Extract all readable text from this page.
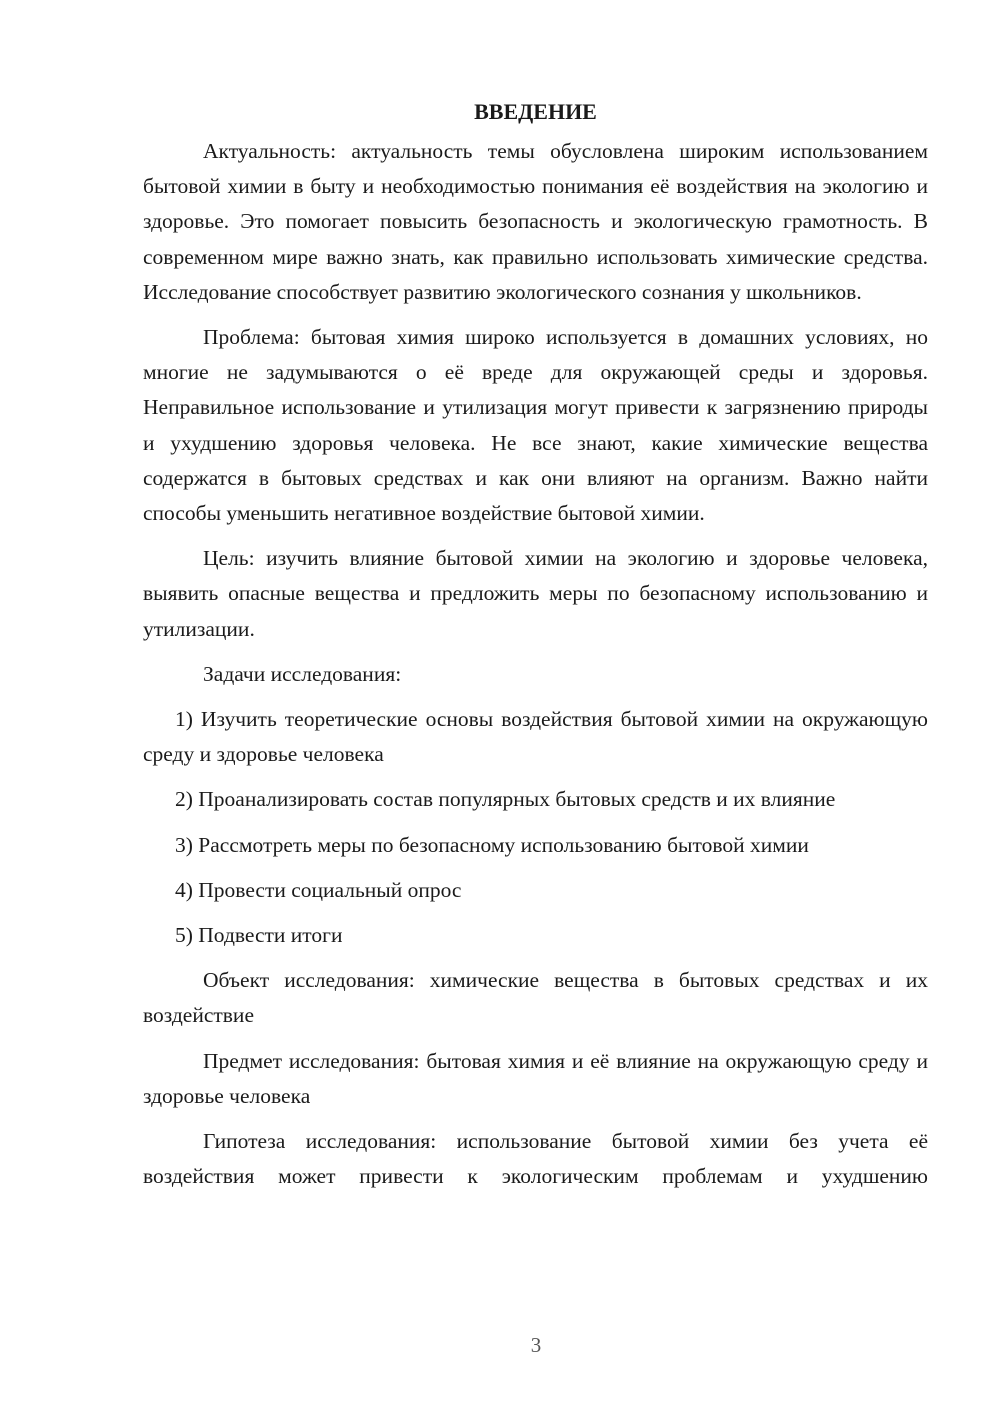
ВВЕДЕНИЕ

Актуальность: актуальность темы обусловлена широким использованием бытовой химии в быту и необходимостью понимания её воздействия на экологию и здоровье. Это помогает повысить безопасность и экологическую грамотность. В современном мире важно знать, как правильно использовать химические средства. Исследование способствует развитию экологического сознания у школьников.

Проблема: бытовая химия широко используется в домашних условиях, но многие не задумываются о её вреде для окружающей среды и здоровья. Неправильное использование и утилизация могут привести к загрязнению природы и ухудшению здоровья человека. Не все знают, какие химические вещества содержатся в бытовых средствах и как они влияют на организм. Важно найти способы уменьшить негативное воздействие бытовой химии.

Цель: изучить влияние бытовой химии на экологию и здоровье человека, выявить опасные вещества и предложить меры по безопасному использованию и утилизации.

Задачи исследования:

1) Изучить теоретические основы воздействия бытовой химии на окружающую среду и здоровье человека

2) Проанализировать состав популярных бытовых средств и их влияние

3) Рассмотреть меры по безопасному использованию бытовой химии

4) Провести социальный опрос

5) Подвести итоги

Объект исследования: химические вещества в бытовых средствах и их воздействие

Предмет исследования: бытовая химия и её влияние на окружающую среду и здоровье человека

Гипотеза исследования: использование бытовой химии без учета её воздействия может привести к экологическим проблемам и ухудшению

3
